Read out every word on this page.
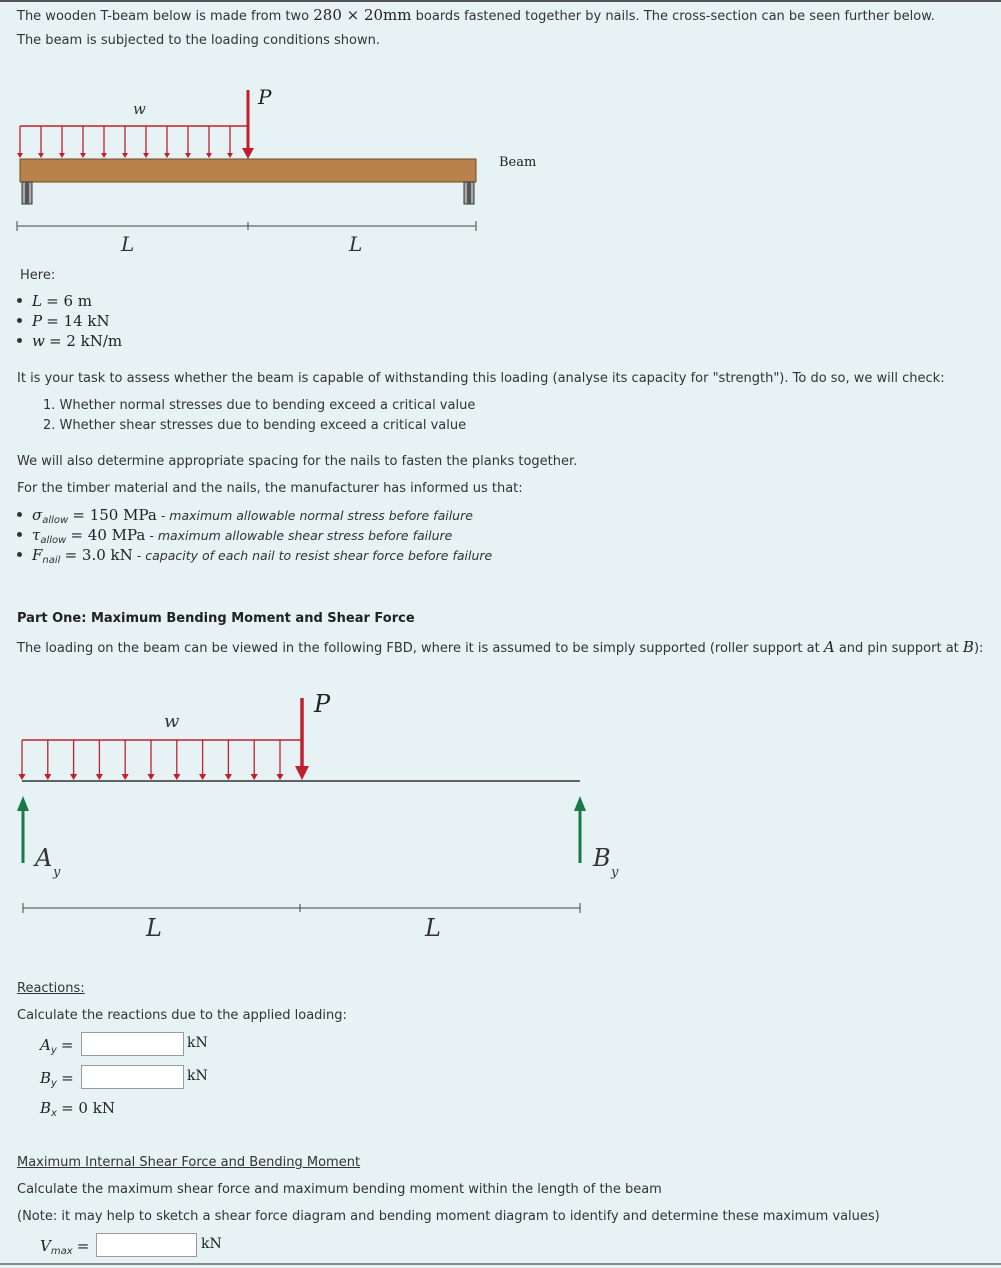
The wooden T-beam below is made from two 280 × 20mm boards fastened together by nails. The cross-section can be seen further below.
The beam is subjected to the loading conditions shown.
w	P
L	L
Beam
Here:
L = 6 m
P = 14 kN
w = 2 kN/m
It is your task to assess whether the beam is capable of withstanding this loading (analyse its capacity for "strength"). To do so, we will check:
1. Whether normal stresses due to bending exceed a critical value
2. Whether shear stresses due to bending exceed a critical value
We will also determine appropriate spacing for the nails to fasten the planks together.
For the timber material and the nails, the manufacturer has informed us that:
$\sigma_{allow} = 150$ MPa - maximum allowable normal stress before failure
$\tau_{allow} = 40$ MPa - maximum allowable shear stress before failure
$F_{nail} = 3.0$ kN - capacity of each nail to resist shear force before failure
Part One: Maximum Bending Moment and Shear Force
The loading on the beam can be viewed in the following FBD, where it is assumed to be simply supported (roller support at A and pin support at B):
w
P
A
y
B
y
L	L
Reactions:
Calculate the reactions due to the applied loading:
$A_y$ =	kN
$B_y$ =	kN
$B_x = 0$ kN
Maximum Internal Shear Force and Bending Moment
Calculate the maximum shear force and maximum bending moment within the length of the beam
(Note: it may help to sketch a shear force diagram and bending moment diagram to identify and determine these maximum values)
$V_{max}$ =	kN
